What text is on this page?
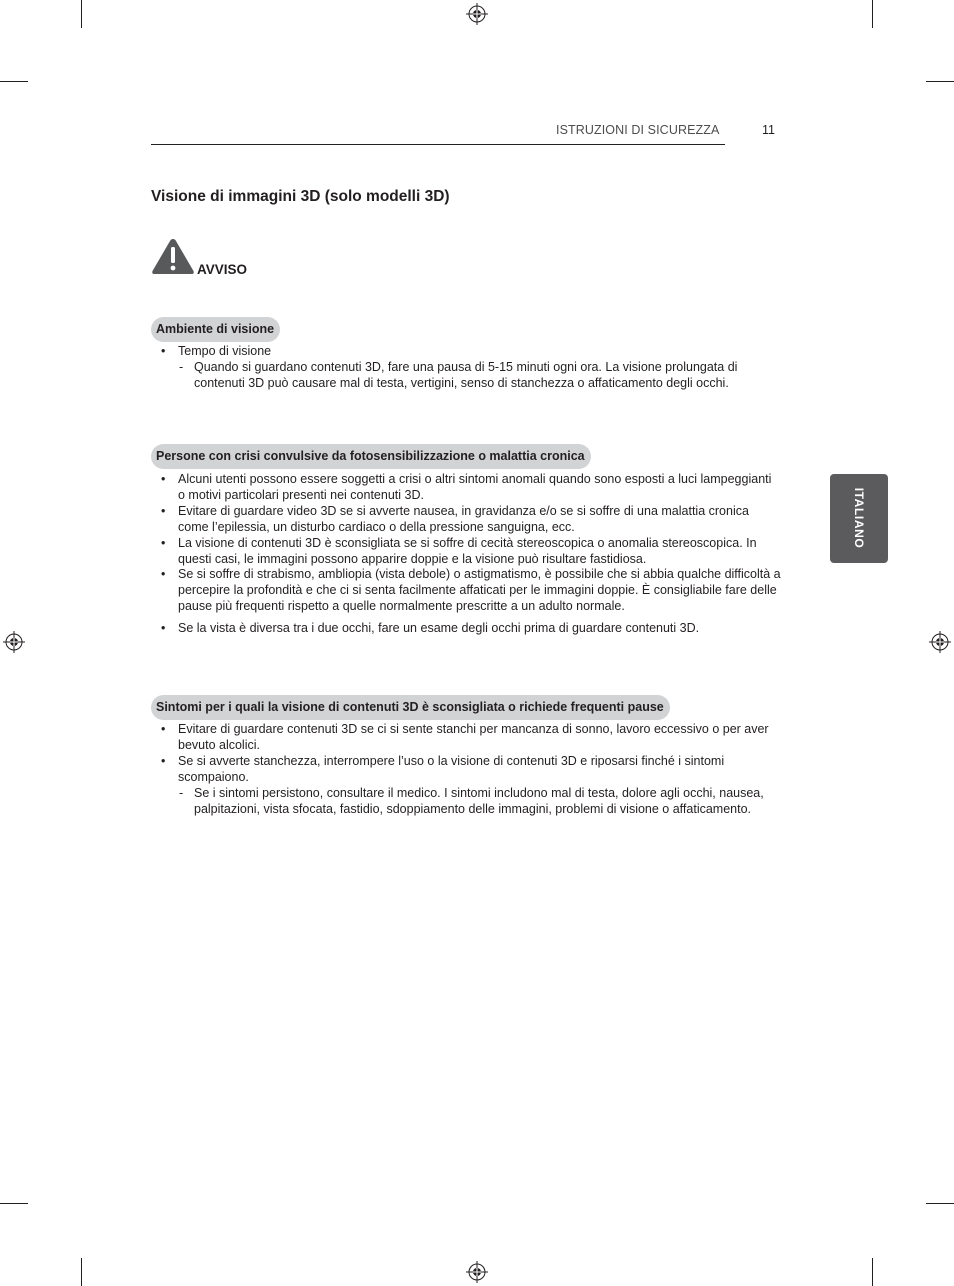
ISTRUZIONI DI SICUREZZA	11
Visione di immagini 3D (solo modelli 3D)
AVVISO
Ambiente di visione
• Tempo di visione
- Quando si guardano contenuti 3D, fare una pausa di 5-15 minuti ogni ora. La visione prolungata di contenuti 3D può causare mal di testa, vertigini, senso di stanchezza o affaticamento degli occhi.
Persone con crisi convulsive da fotosensibilizzazione o malattia cronica
• Alcuni utenti possono essere soggetti a crisi o altri sintomi anomali quando sono esposti a luci lampeggianti o motivi particolari presenti nei contenuti 3D.
• Evitare di guardare video 3D se si avverte nausea, in gravidanza e/o se si soffre di una malattia cronica come l’epilessia, un disturbo cardiaco o della pressione sanguigna, ecc.
• La visione di contenuti 3D è sconsigliata se si soffre di cecità stereoscopica o anomalia stereoscopica. In questi casi, le immagini possono apparire doppie e la visione può risultare fastidiosa.
• Se si soffre di strabismo, ambliopia (vista debole) o astigmatismo, è possibile che si abbia qualche difficoltà a percepire la profondità e che ci si senta facilmente affaticati per le immagini doppie. È consigliabile fare delle pause più frequenti rispetto a quelle normalmente prescritte a un adulto normale.
• Se la vista è diversa tra i due occhi, fare un esame degli occhi prima di guardare contenuti 3D.
Sintomi per i quali la visione di contenuti 3D è sconsigliata o richiede frequenti pause
• Evitare di guardare contenuti 3D se ci si sente stanchi per mancanza di sonno, lavoro eccessivo o per aver bevuto alcolici.
• Se si avverte stanchezza, interrompere l’uso o la visione di contenuti 3D e riposarsi finché i sintomi scompaiono.
- Se i sintomi persistono, consultare il medico. I sintomi includono mal di testa, dolore agli occhi, nausea, palpitazioni, vista sfocata, fastidio, sdoppiamento delle immagini, problemi di visione o affaticamento.
ITALIANO
